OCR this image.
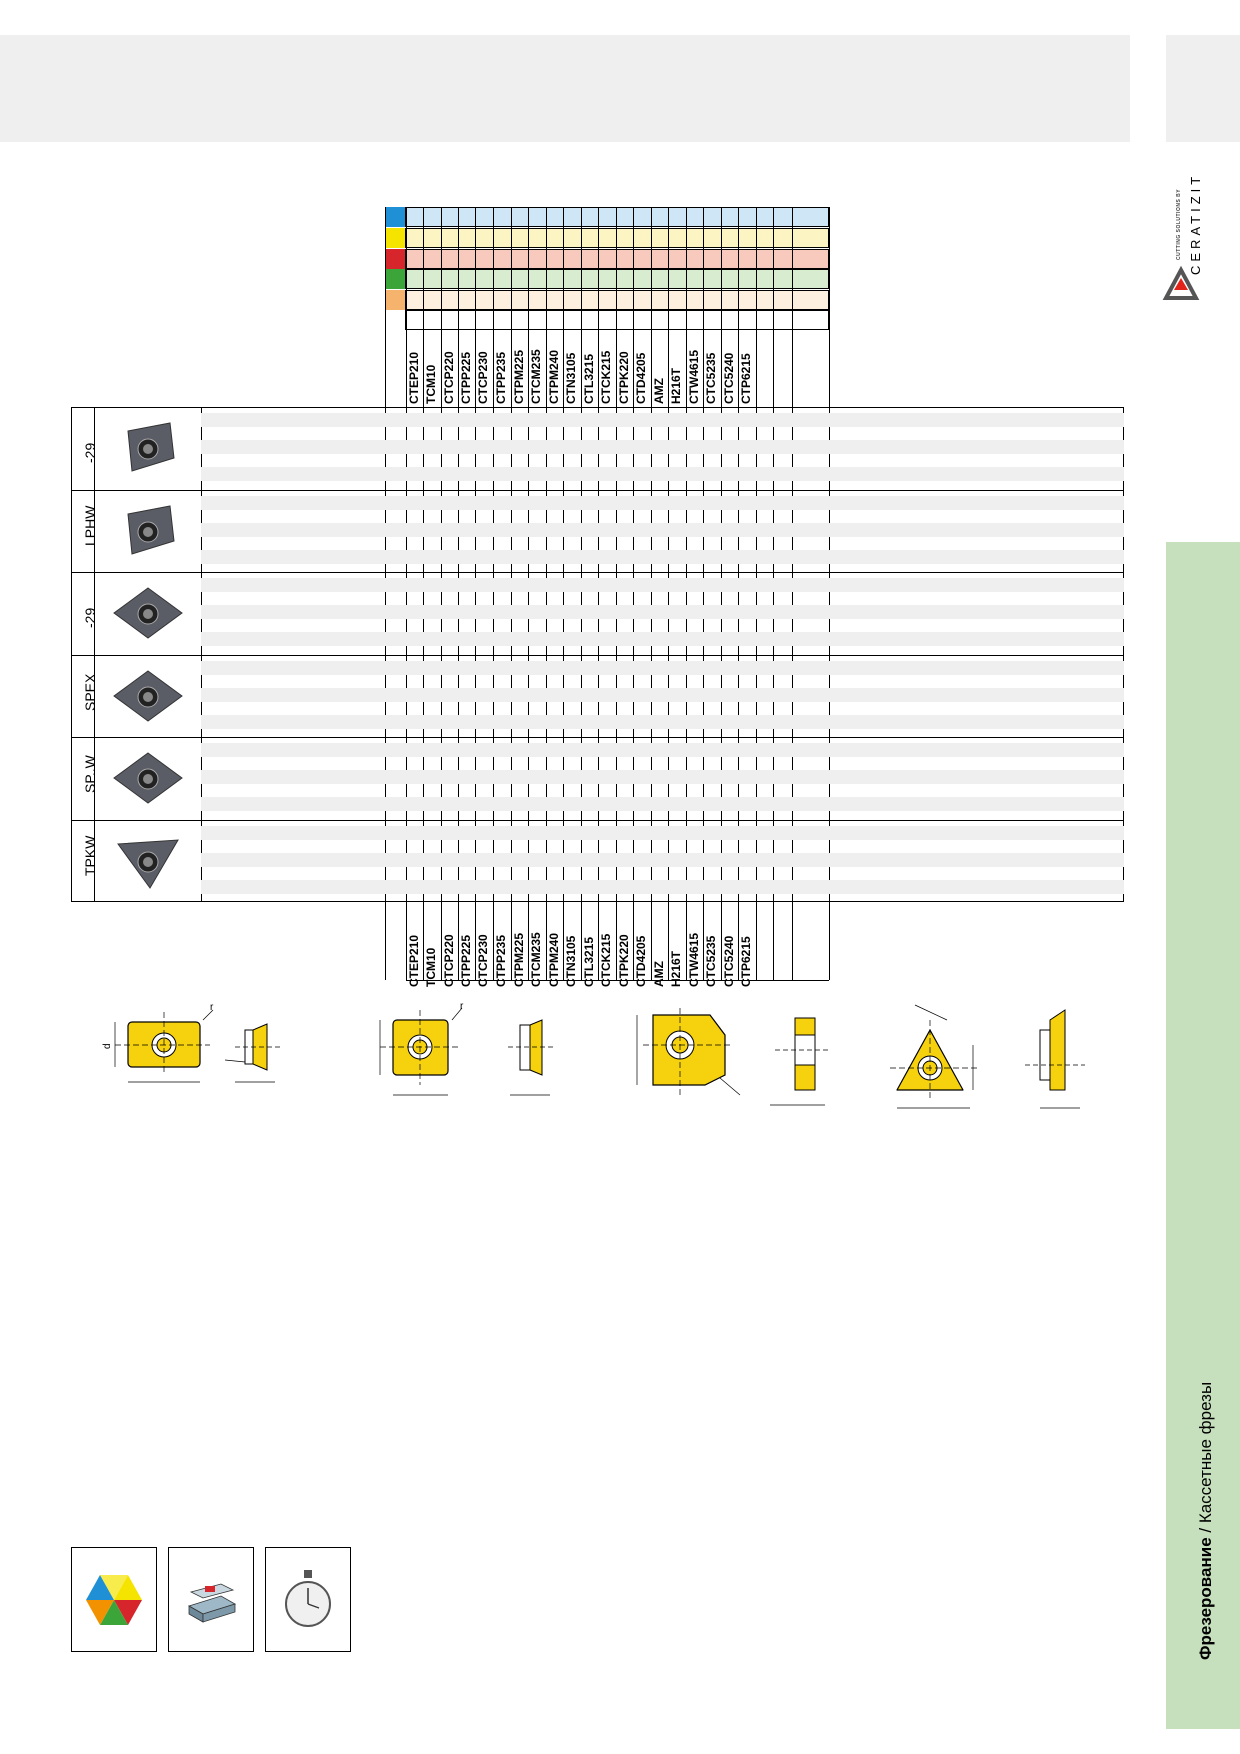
CUTTING SOLUTIONS BY CERATIZIT
Фрезерование / Кассетные фрезы
CTEP210 TCM10 CTCP220 CTPP225 CTCP230 CTPP235 CTPM225 CTCM235 CTPM240 CTN3105 CTL3215 CTCK215 CTPK220 CTD4205 AMZ H216T CTW4615 CTC5235 CTC5240 CTP6215
CTEP210 TCM10 CTCP220 CTPP225 CTCP230 CTPP235 CTPM225 CTCM235 CTPM240 CTN3105 CTL3215 CTCK215 CTPK220 CTD4205 AMZ H216T CTW4615 CTC5235 CTC5240 CTP6215
-29
LPHW
-29
SPEX
SP..W
TPKW
d
r	r
